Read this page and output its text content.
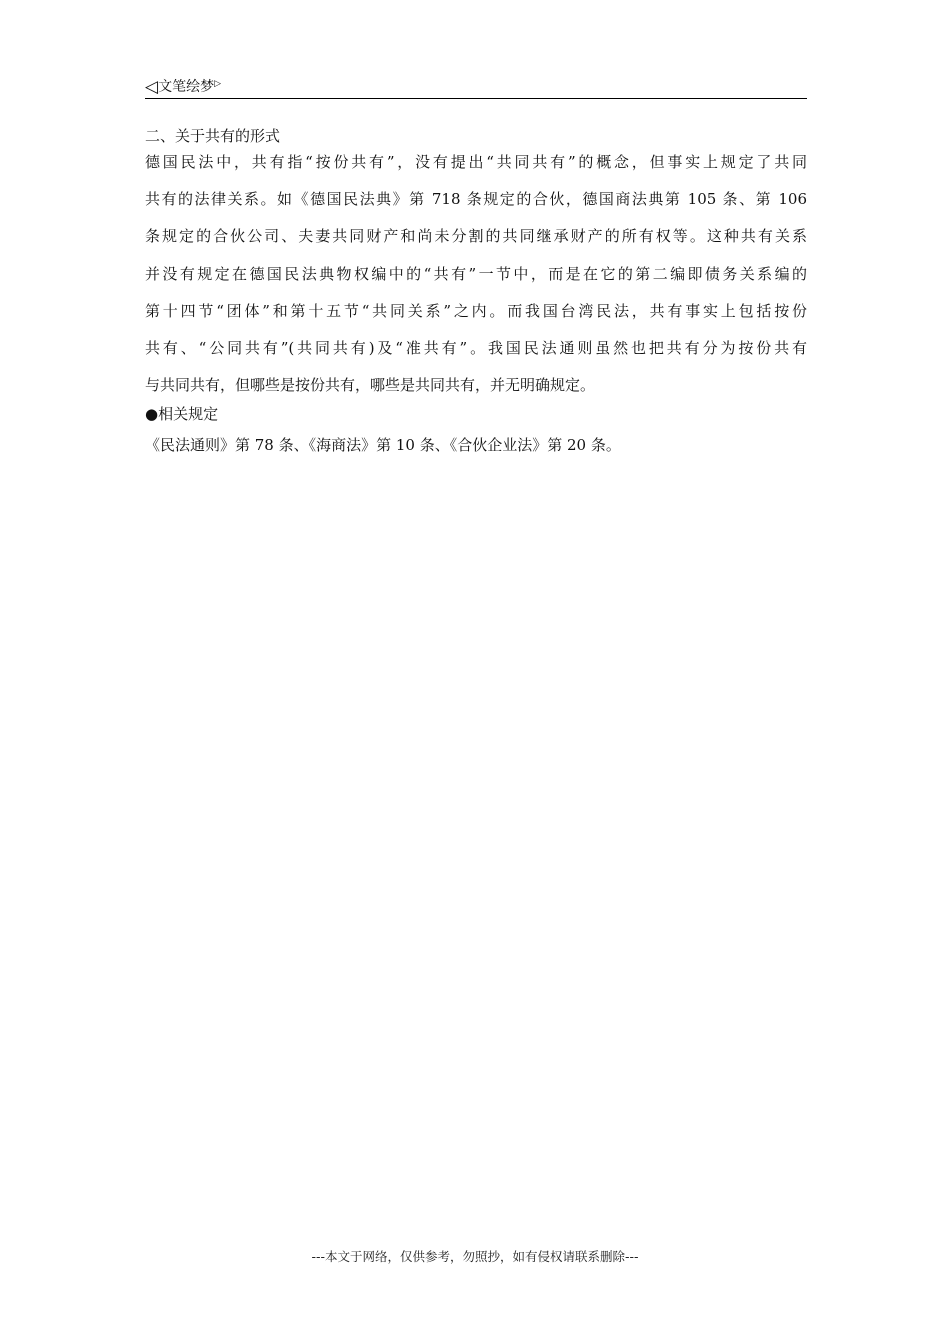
◁文笔绘梦▷
二、关于共有的形式
德国民法中，共有指“按份共有”，没有提出“共同共有”的概念，但事实上规定了共同
共有的法律关系。如《德国民法典》第 718 条规定的合伙，德国商法典第 105 条、第 106
条规定的合伙公司、夫妻共同财产和尚未分割的共同继承财产的所有权等。这种共有关系
并没有规定在德国民法典物权编中的“共有”一节中，而是在它的第二编即债务关系编的
第十四节“团体”和第十五节“共同关系”之内。而我国台湾民法，共有事实上包括按份
共有、“公同共有”(共同共有)及“准共有”。我国民法通则虽然也把共有分为按份共有
与共同共有，但哪些是按份共有，哪些是共同共有，并无明确规定。
●相关规定
《民法通则》第 78 条、《海商法》第 10 条、《合伙企业法》第 20 条。
---本文于网络，仅供参考，勿照抄，如有侵权请联系删除---
